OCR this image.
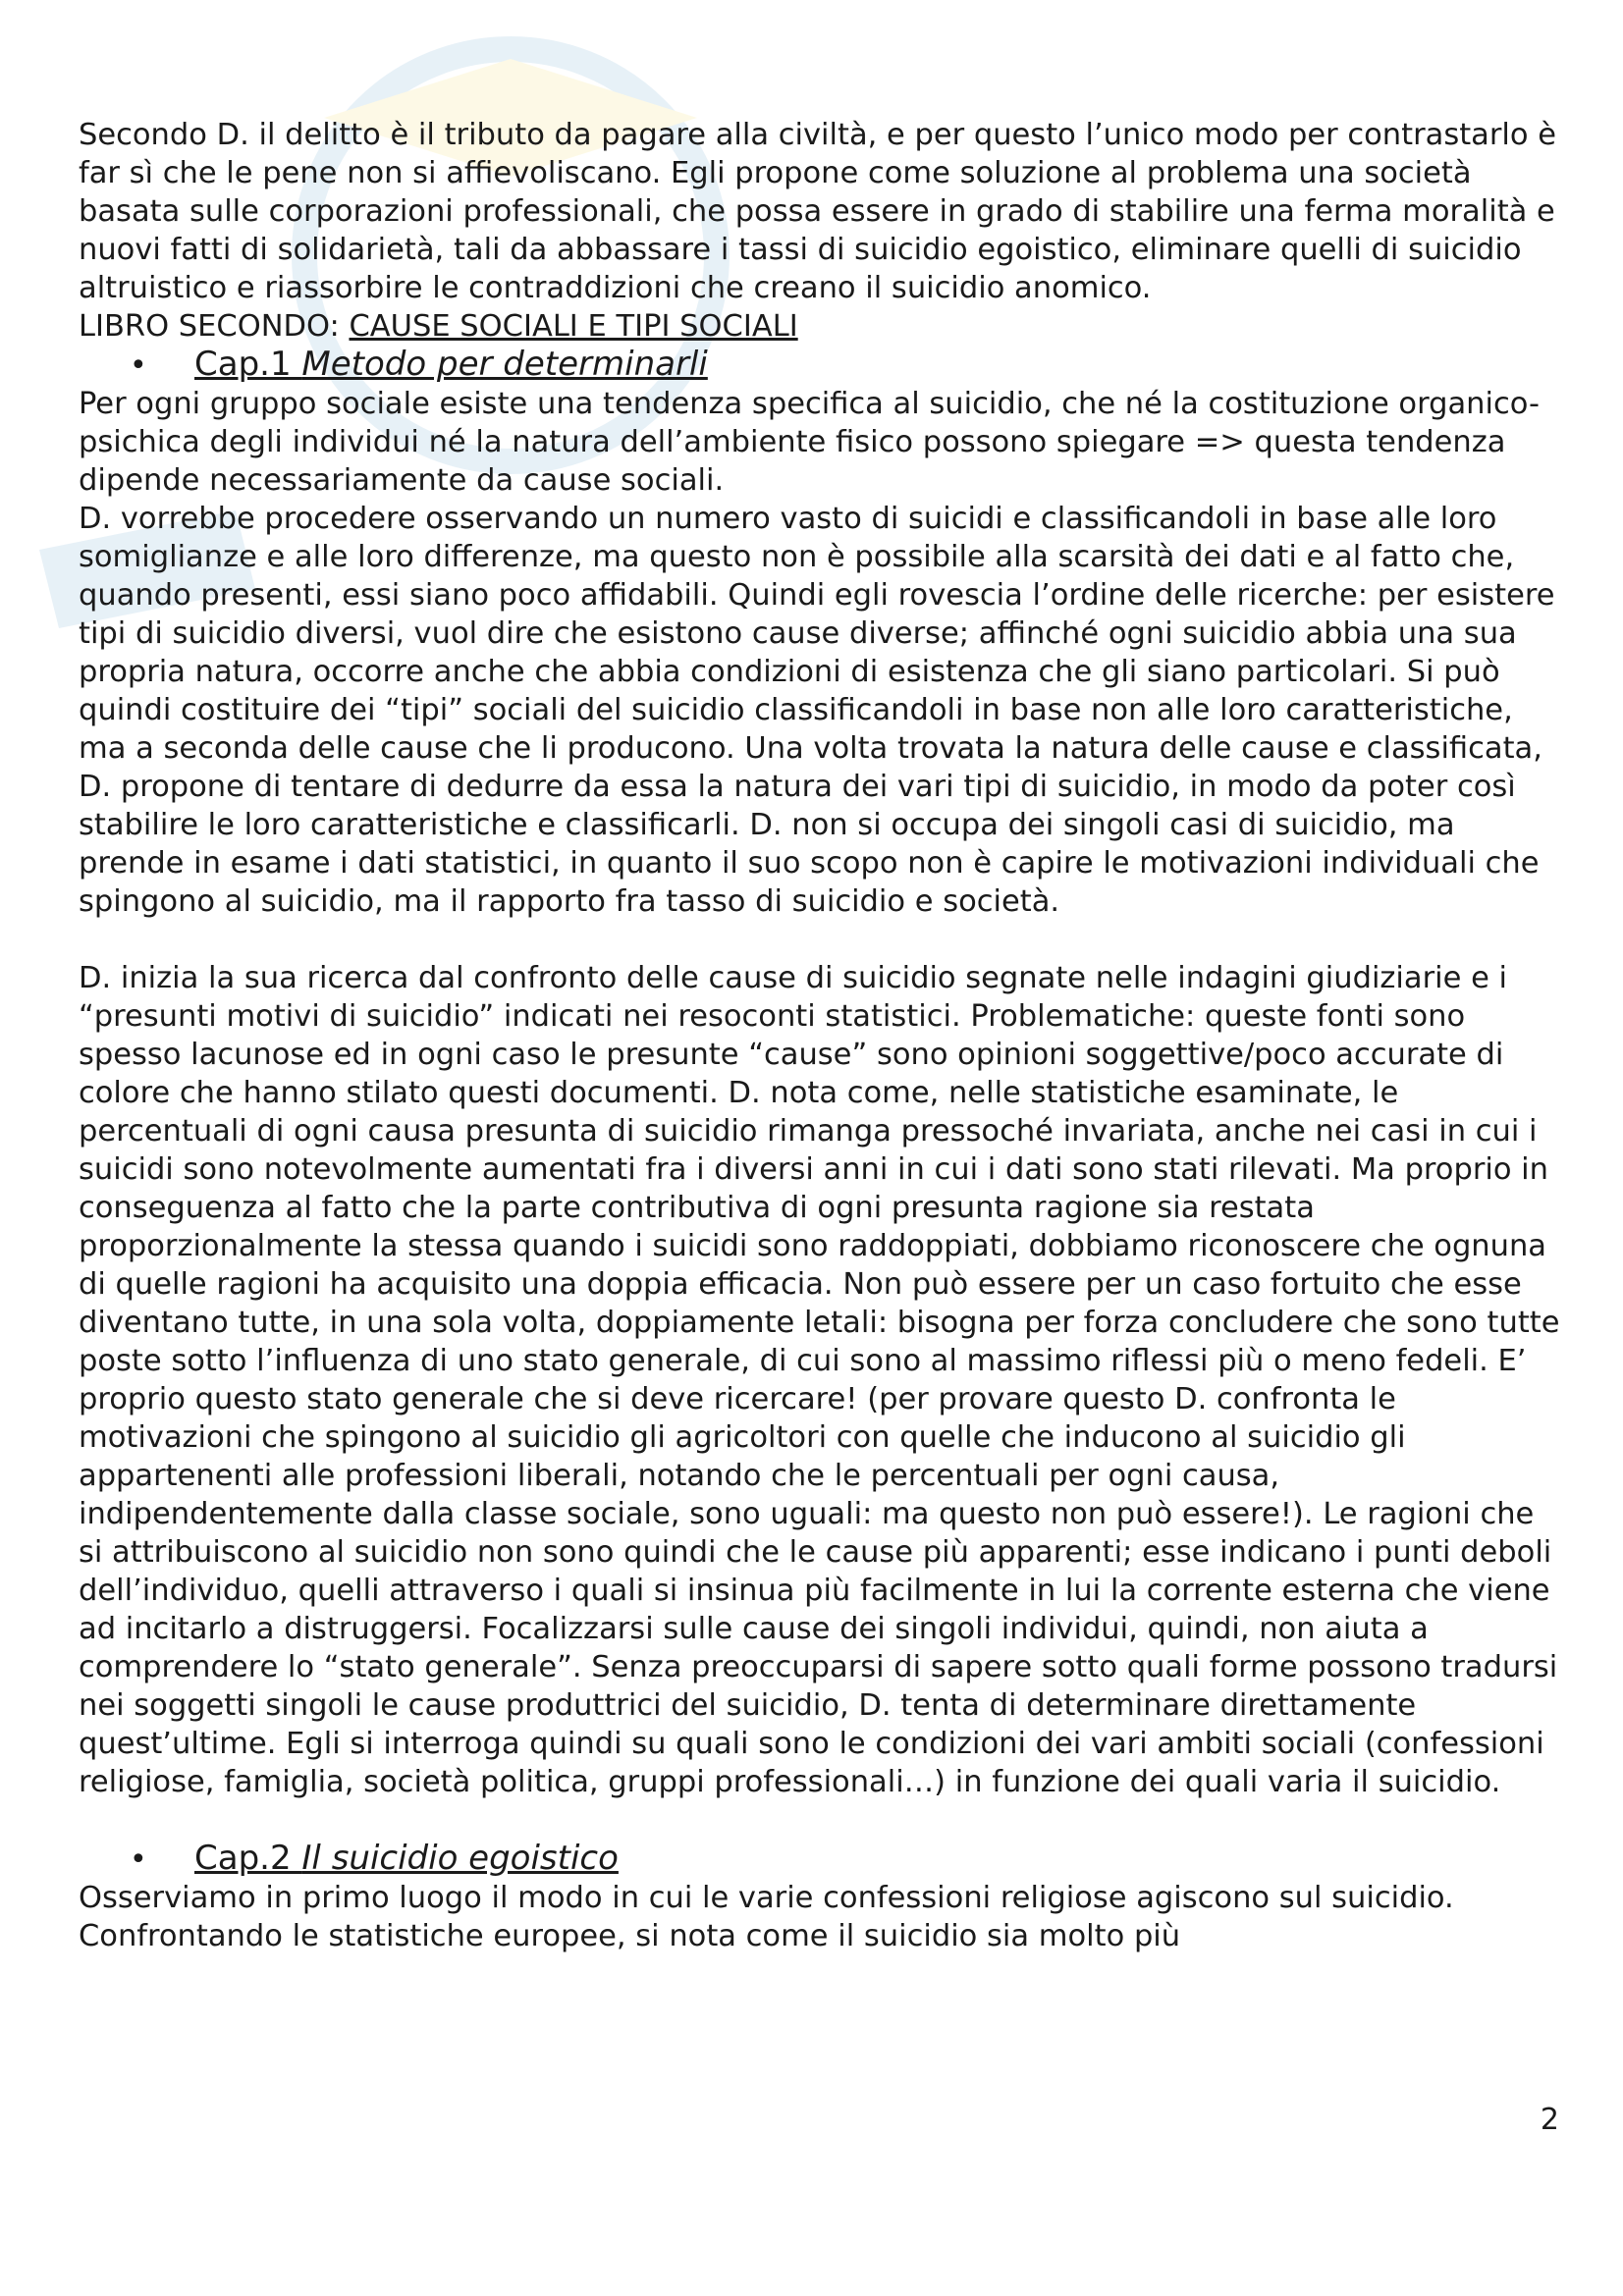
Secondo D. il delitto è il tributo da pagare alla civiltà, e per questo l’unico modo per contrastarlo è far sì che le pene non si affievoliscano. Egli propone come soluzione al problema una società basata sulle corporazioni professionali, che possa essere in grado di stabilire una ferma moralità e nuovi fatti di solidarietà, tali da abbassare i tassi di suicidio egoistico, eliminare quelli di suicidio altruistico e riassorbire le contraddizioni che creano il suicidio anomico.

LIBRO SECONDO: CAUSE SOCIALI E TIPI SOCIALI

•	Cap.1 Metodo per determinarli

Per ogni gruppo sociale esiste una tendenza specifica al suicidio, che né la costituzione organico-psichica degli individui né la natura dell’ambiente fisico possono spiegare => questa tendenza dipende necessariamente da cause sociali.

D. vorrebbe procedere osservando un numero vasto di suicidi e classificandoli in base alle loro somiglianze e alle loro differenze, ma questo non è possibile alla scarsità dei dati e al fatto che, quando presenti, essi siano poco affidabili. Quindi egli rovescia l’ordine delle ricerche: per esistere tipi di suicidio diversi, vuol dire che esistono cause diverse; affinché ogni suicidio abbia una sua propria natura, occorre anche che abbia condizioni di esistenza che gli siano particolari. Si può quindi costituire dei “tipi” sociali del suicidio classificandoli in base non alle loro caratteristiche, ma a seconda delle cause che li producono. Una volta trovata la natura delle cause e classificata, D. propone di tentare di dedurre da essa la natura dei vari tipi di suicidio, in modo da poter così stabilire le loro caratteristiche e classificarli. D. non si occupa dei singoli casi di suicidio, ma prende in esame i dati statistici, in quanto il suo scopo non è capire le motivazioni individuali che spingono al suicidio, ma il rapporto fra tasso di suicidio e società.

D. inizia la sua ricerca dal confronto delle cause di suicidio segnate nelle indagini giudiziarie e i “presunti motivi di suicidio” indicati nei resoconti statistici. Problematiche: queste fonti sono spesso lacunose ed in ogni caso le presunte “cause” sono opinioni soggettive/poco accurate di colore che hanno stilato questi documenti. D. nota come, nelle statistiche esaminate, le percentuali di ogni causa presunta di suicidio rimanga pressoché invariata, anche nei casi in cui i suicidi sono notevolmente aumentati fra i diversi anni in cui i dati sono stati rilevati. Ma proprio in conseguenza al fatto che la parte contributiva di ogni presunta ragione sia restata proporzionalmente la stessa quando i suicidi sono raddoppiati, dobbiamo riconoscere che ognuna di quelle ragioni ha acquisito una doppia efficacia. Non può essere per un caso fortuito che esse diventano tutte, in una sola volta, doppiamente letali: bisogna per forza concludere che sono tutte poste sotto l’influenza di uno stato generale, di cui sono al massimo riflessi più o meno fedeli. E’ proprio questo stato generale che si deve ricercare! (per provare questo D. confronta le motivazioni che spingono al suicidio gli agricoltori con quelle che inducono al suicidio gli appartenenti alle professioni liberali, notando che le percentuali per ogni causa, indipendentemente dalla classe sociale, sono uguali: ma questo non può essere!). Le ragioni che si attribuiscono al suicidio non sono quindi che le cause più apparenti; esse indicano i punti deboli dell’individuo, quelli attraverso i quali si insinua più facilmente in lui la corrente esterna che viene ad incitarlo a distruggersi. Focalizzarsi sulle cause dei singoli individui, quindi, non aiuta a comprendere lo “stato generale”. Senza preoccuparsi di sapere sotto quali forme possono tradursi nei soggetti singoli le cause produttrici del suicidio, D. tenta di determinare direttamente quest’ultime. Egli si interroga quindi su quali sono le condizioni dei vari ambiti sociali (confessioni religiose, famiglia, società politica, gruppi professionali…) in funzione dei quali varia il suicidio.

•	Cap.2 Il suicidio egoistico

Osserviamo in primo luogo il modo in cui le varie confessioni religiose agiscono sul suicidio. Confrontando le statistiche europee, si nota come il suicidio sia molto più

2
